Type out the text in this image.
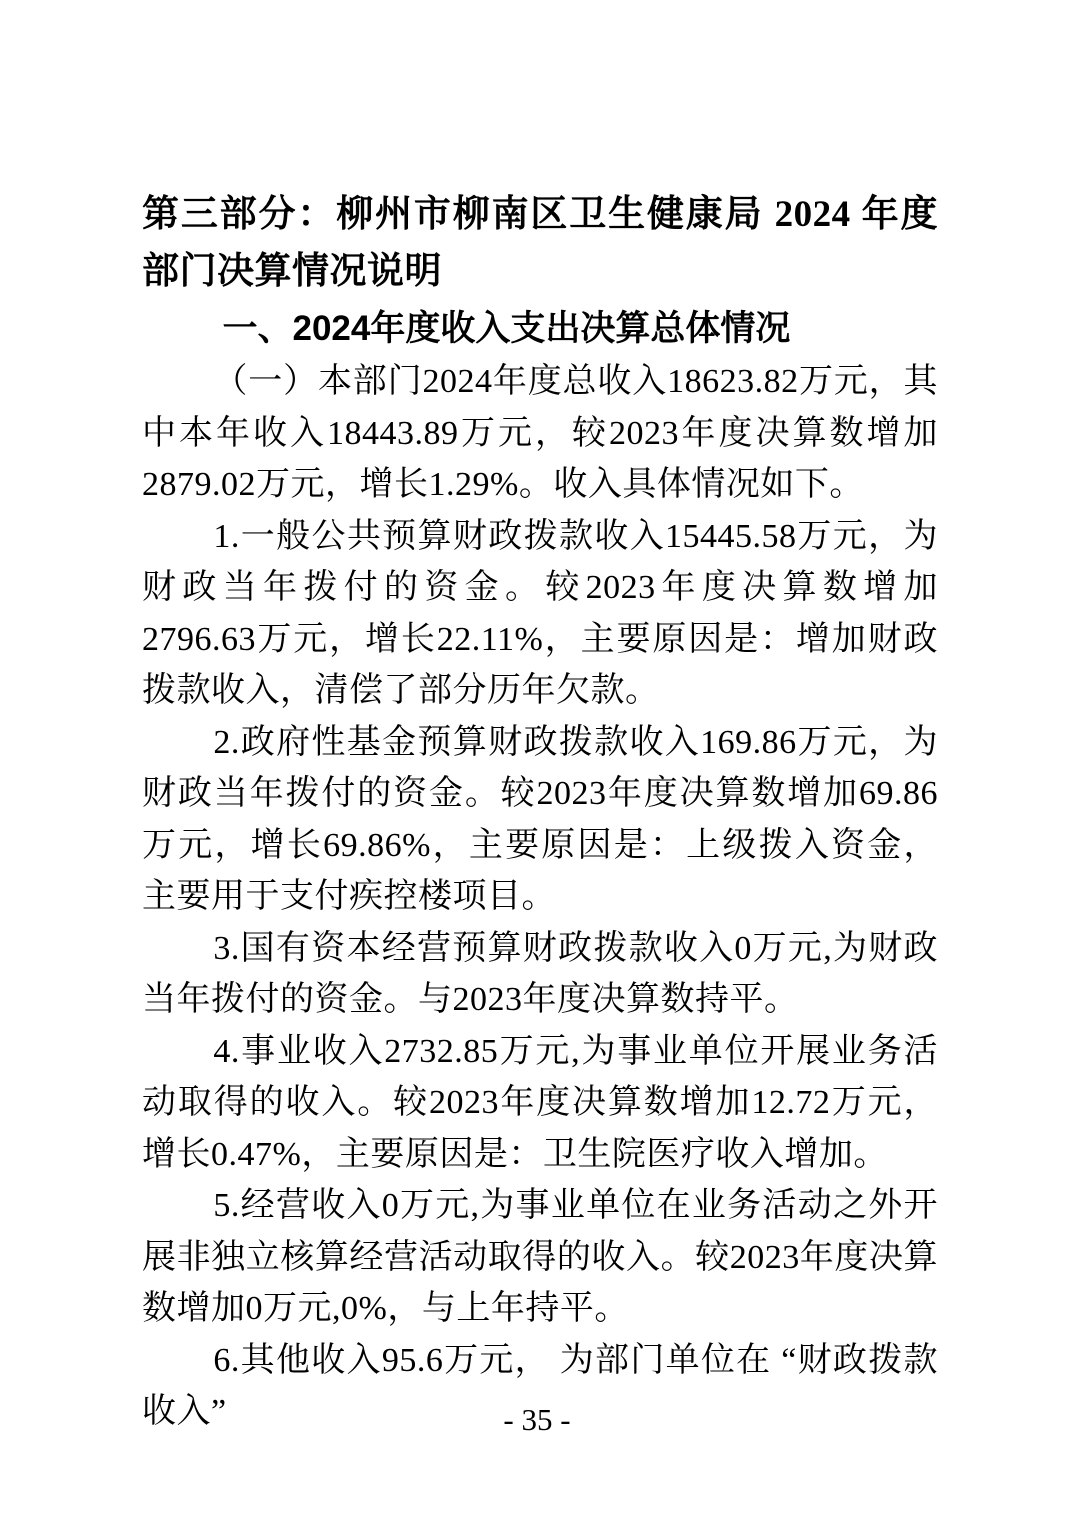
第三部分：柳州市柳南区卫生健康局 2024 年度部门决算情况说明
一、2024年度收入支出决算总体情况

（一）本部门2024年度总收入18623.82万元，其中本年收入18443.89万元，较2023年度决算数增加2879.02万元，增长1.29%。收入具体情况如下。

1.一般公共预算财政拨款收入15445.58万元，为财政当年拨付的资金。较2023年度决算数增加2796.63万元，增长22.11%，主要原因是：增加财政拨款收入，清偿了部分历年欠款。

2.政府性基金预算财政拨款收入169.86万元，为财政当年拨付的资金。较2023年度决算数增加69.86万元，增长69.86%，主要原因是：上级拨入资金，主要用于支付疾控楼项目。

3.国有资本经营预算财政拨款收入0万元,为财政当年拨付的资金。与2023年度决算数持平。

4.事业收入2732.85万元,为事业单位开展业务活动取得的收入。较2023年度决算数增加12.72万元，增长0.47%，主要原因是：卫生院医疗收入增加。

5.经营收入0万元,为事业单位在业务活动之外开展非独立核算经营活动取得的收入。较2023年度决算数增加0万元,0%，与上年持平。

6.其他收入95.6万元， 为部门单位在 “财政拨款收入”	- 35 -
